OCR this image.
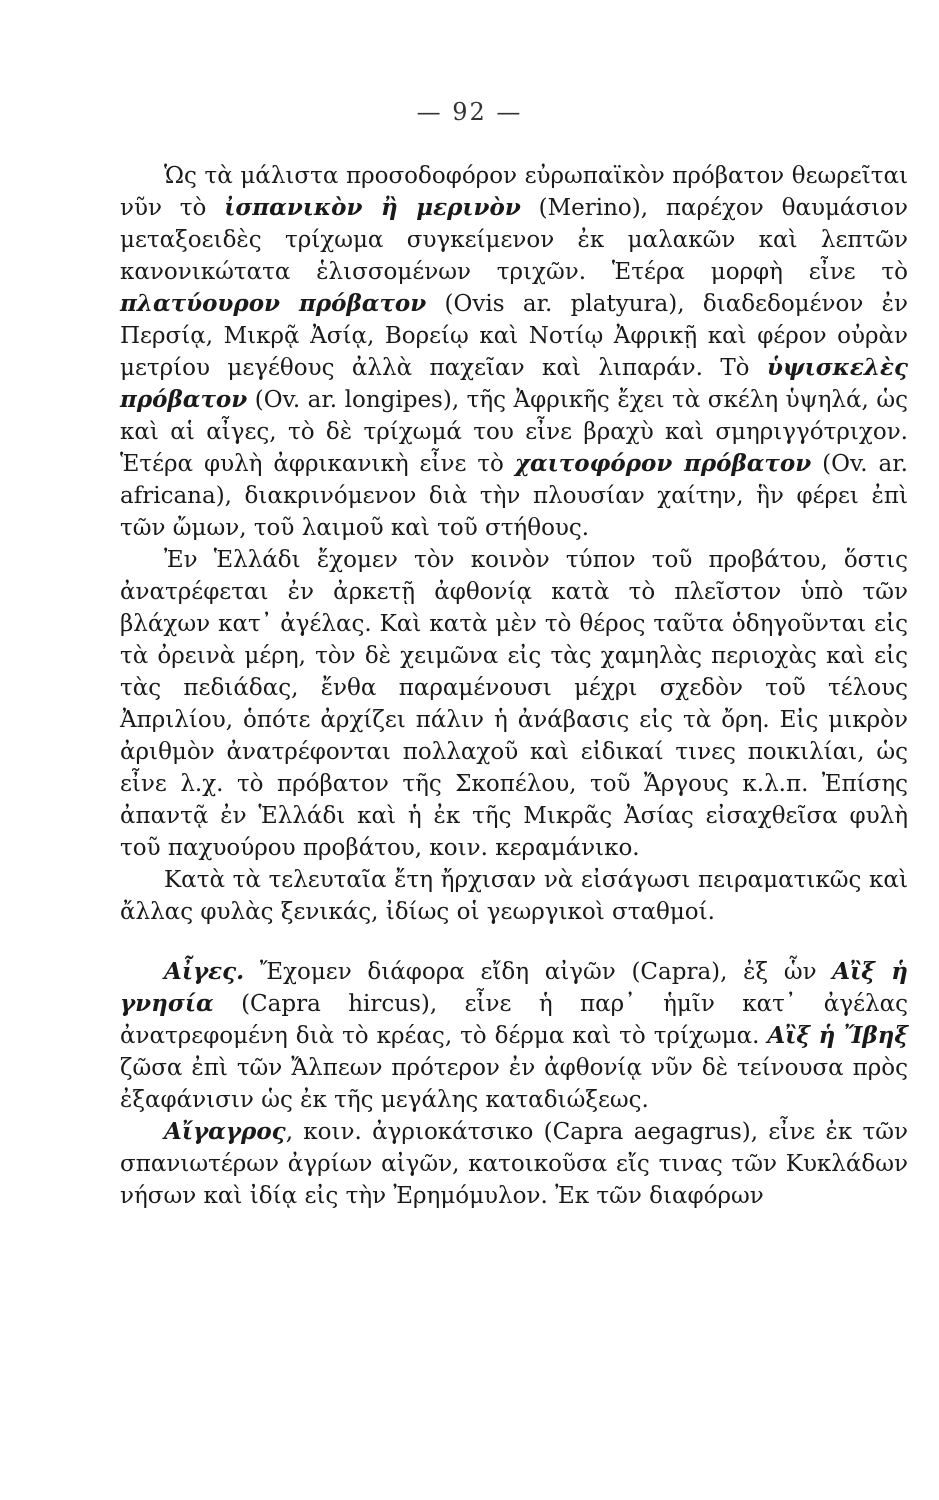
— 92 —

Ὡς τὰ μάλιστα προσοδοφόρον εὐρωπαϊκὸν πρόβατον θεωρεῖται νῦν τὸ ἰσπανικὸν ἢ μερινὸν (Merino), παρέχον θαυμάσιον μεταξοειδὲς τρίχωμα συγκείμενον ἐκ μαλακῶν καὶ λεπτῶν κανονικώτατα ἑλισσομένων τριχῶν. Ἑτέρα μορφὴ εἶνε τὸ πλατύουρον πρόβατον (Ovis ar. platyura), διαδεδομένον ἐν Περσίᾳ, Μικρᾷ Ἀσίᾳ, Βορείῳ καὶ Νοτίῳ Ἀφρικῇ καὶ φέρον οὐρὰν μετρίου μεγέθους ἀλλὰ παχεῖαν καὶ λιπαράν. Τὸ ὑψισκελὲς πρόβατον (Ov. ar. longipes), τῆς Ἀφρικῆς ἔχει τὰ σκέλη ὑψηλά, ὡς καὶ αἱ αἶγες, τὸ δὲ τρίχωμά του εἶνε βραχὺ καὶ σμηριγγότριχον. Ἑτέρα φυλὴ ἀφρικανικὴ εἶνε τὸ χαιτοφόρον πρόβατον (Ov. ar. africana), διακρινόμενον διὰ τὴν πλουσίαν χαίτην, ἣν φέρει ἐπὶ τῶν ὤμων, τοῦ λαιμοῦ καὶ τοῦ στήθους.

Ἐν Ἑλλάδι ἔχομεν τὸν κοινὸν τύπον τοῦ προβάτου, ὅστις ἀνατρέφεται ἐν ἀρκετῇ ἀφθονίᾳ κατὰ τὸ πλεῖστον ὑπὸ τῶν βλάχων κατ᾿ ἀγέλας. Καὶ κατὰ μὲν τὸ θέρος ταῦτα ὁδηγοῦνται εἰς τὰ ὀρεινὰ μέρη, τὸν δὲ χειμῶνα εἰς τὰς χαμηλὰς περιοχὰς καὶ εἰς τὰς πεδιάδας, ἔνθα παραμένουσι μέχρι σχεδὸν τοῦ τέλους Ἀπριλίου, ὁπότε ἀρχίζει πάλιν ἡ ἀνάβασις εἰς τὰ ὄρη. Εἰς μικρὸν ἀριθμὸν ἀνατρέφονται πολλαχοῦ καὶ εἰδικαί τινες ποικιλίαι, ὡς εἶνε λ.χ. τὸ πρόβατον τῆς Σκοπέλου, τοῦ Ἄργους κ.λ.π. Ἐπίσης ἀπαντᾷ ἐν Ἑλλάδι καὶ ἡ ἐκ τῆς Μικρᾶς Ἀσίας εἰσαχθεῖσα φυλὴ τοῦ παχυούρου προβάτου, κοιν. κεραμάνικο.

Κατὰ τὰ τελευταῖα ἔτη ἤρχισαν νὰ εἰσάγωσι πειραματικῶς καὶ ἄλλας φυλὰς ξενικάς, ἰδίως οἱ γεωργικοὶ σταθμοί.

Αἶγες. Ἔχομεν διάφορα εἴδη αἰγῶν (Capra), ἐξ ὧν Αἲξ ἡ γνησία (Capra hircus), εἶνε ἡ παρ᾿ ἡμῖν κατ᾿ ἀγέλας ἀνατρεφομένη διὰ τὸ κρέας, τὸ δέρμα καὶ τὸ τρίχωμα. Αἲξ ἡ Ἴβηξ ζῶσα ἐπὶ τῶν Ἄλπεων πρότερον ἐν ἀφθονίᾳ νῦν δὲ τείνουσα πρὸς ἐξαφάνισιν ὡς ἐκ τῆς μεγάλης καταδιώξεως.

Αἴγαγρος, κοιν. ἀγριοκάτσικο (Capra aegagrus), εἶνε ἐκ τῶν σπανιωτέρων ἀγρίων αἰγῶν, κατοικοῦσα εἴς τινας τῶν Κυκλάδων νήσων καὶ ἰδίᾳ εἰς τὴν Ἐρημόμυλον. Ἐκ τῶν διαφόρων
